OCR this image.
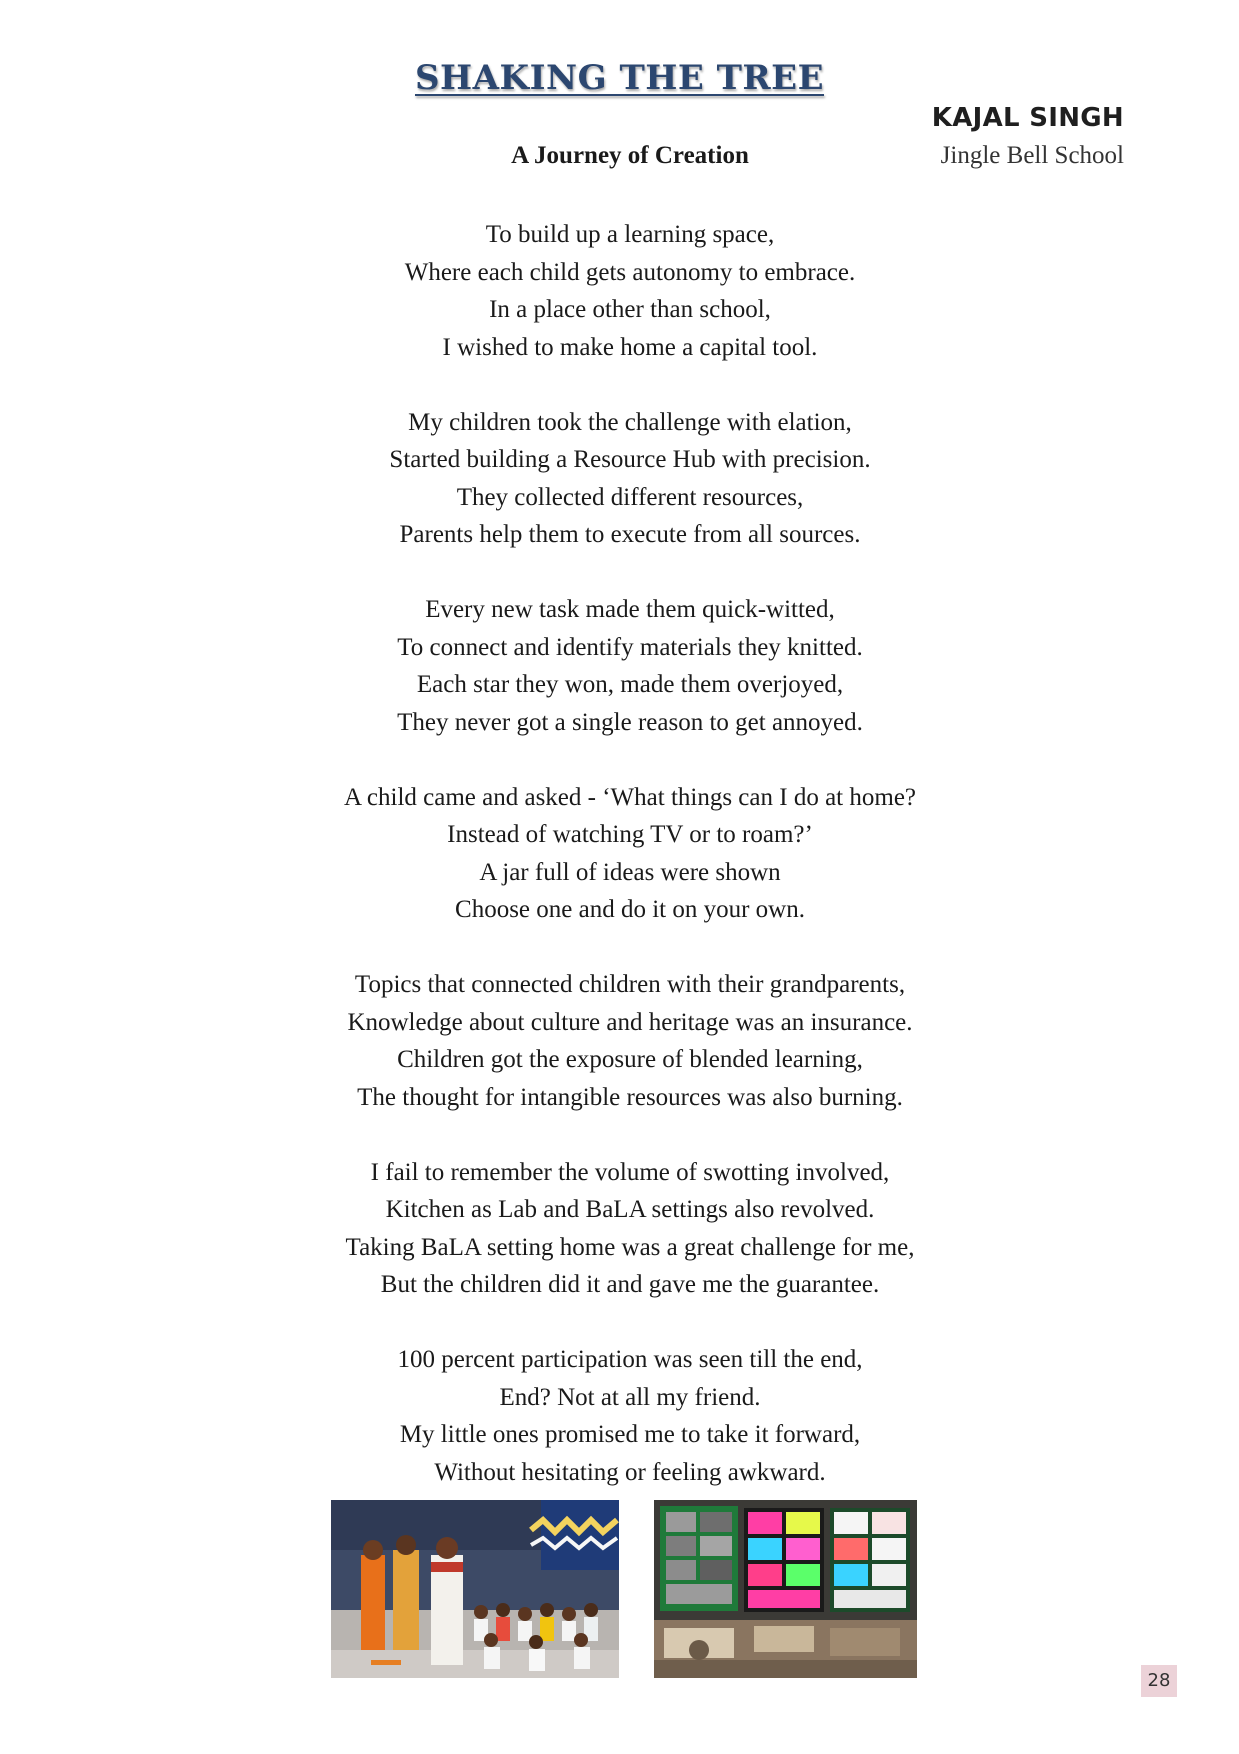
SHAKING THE TREE
KAJAL SINGH
A Journey of Creation	Jingle Bell School
To build up a learning space,
Where each child gets autonomy to embrace.
In a place other than school,
I wished to make home a capital tool.
My children took the challenge with elation,
Started building a Resource Hub with precision.
They collected different resources,
Parents help them to execute from all sources.
Every new task made them quick-witted,
To connect and identify materials they knitted.
Each star they won, made them overjoyed,
They never got a single reason to get annoyed.
A child came and asked - ‘What things can I do at home?
Instead of watching TV or to roam?’
A jar full of ideas were shown
Choose one and do it on your own.
Topics that connected children with their grandparents,
Knowledge about culture and heritage was an insurance.
Children got the exposure of blended learning,
The thought for intangible resources was also burning.
I fail to remember the volume of swotting involved,
Kitchen as Lab and BaLA settings also revolved.
Taking BaLA setting home was a great challenge for me,
But the children did it and gave me the guarantee.
100 percent participation was seen till the end,
End? Not at all my friend.
My little ones promised me to take it forward,
Without hesitating or feeling awkward.
28
